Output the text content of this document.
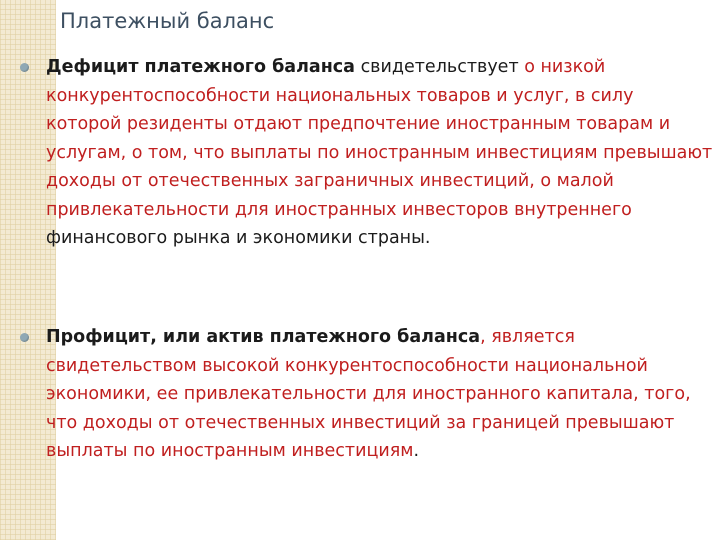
Платежный баланс

Дефицит платежного баланса свидетельствует о низкой конкурентоспособности национальных товаров и услуг, в силу которой резиденты отдают предпочтение иностранным товарам и услугам, о том, что выплаты по иностранным инвестициям превышают доходы от отечественных заграничных инвестиций, о малой привлекательности для иностранных инвесторов внутреннего финансового рынка и экономики страны.

Профицит, или актив платежного баланса, является свидетельством высокой конкурентоспособности национальной экономики, ее привлекательности для иностранного капитала, того, что доходы от отечественных инвестиций за границей превышают выплаты по иностранным инвестициям.
